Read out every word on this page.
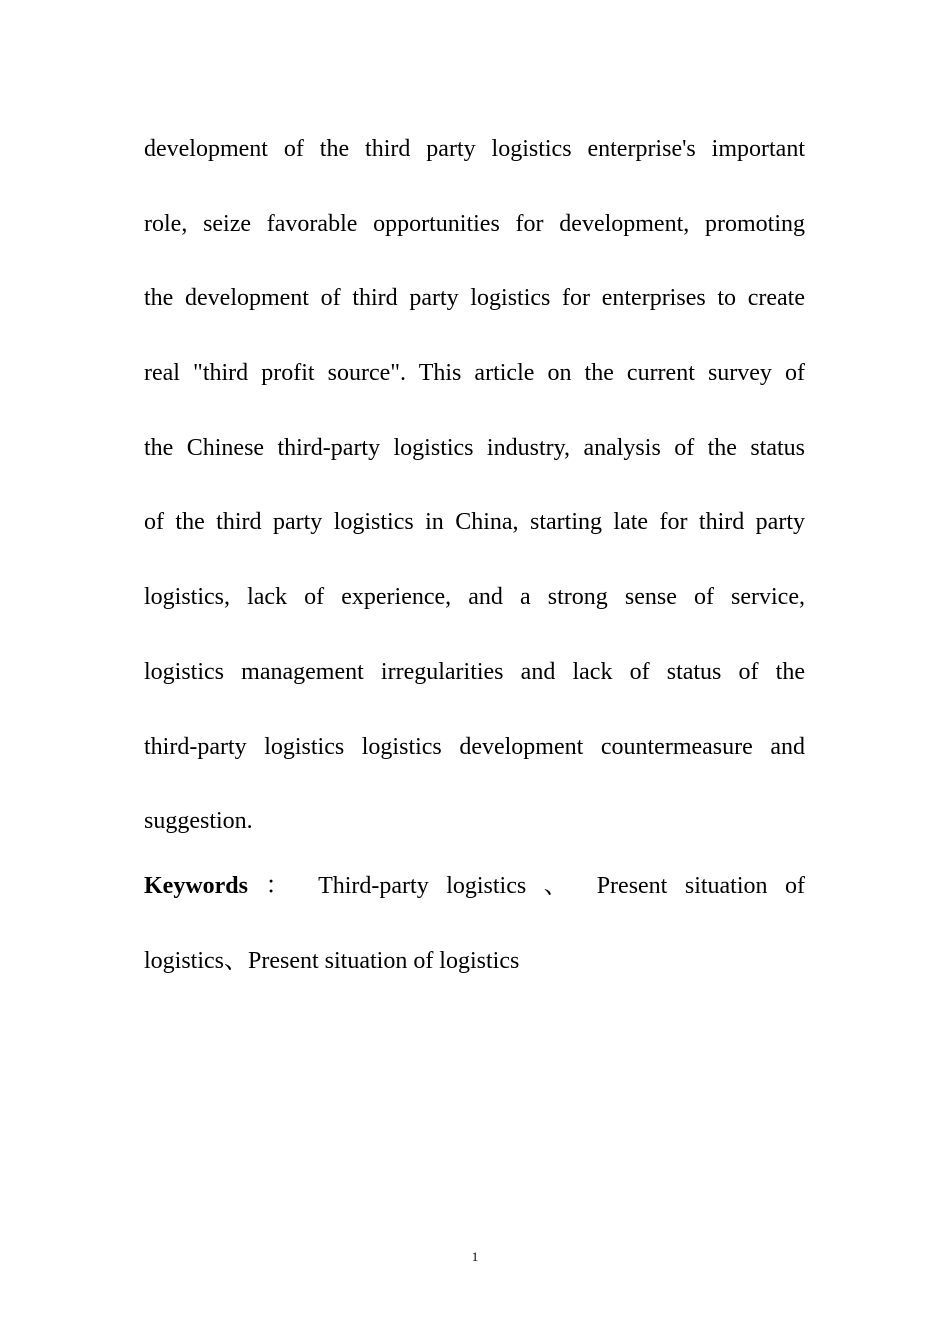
development of the third party logistics enterprise's important
role, seize favorable opportunities for development, promoting
the development of third party logistics for enterprises to create
real "third profit source". This article on the current survey of
the Chinese third-party logistics industry, analysis of the status
of the third party logistics in China, starting late for third party
logistics, lack of experience, and a strong sense of service,
logistics management irregularities and lack of status of the
third-party logistics logistics development countermeasure and
suggestion.
Keywords ： Third-party logistics 、 Present situation of
logistics、Present situation of logistics
1
